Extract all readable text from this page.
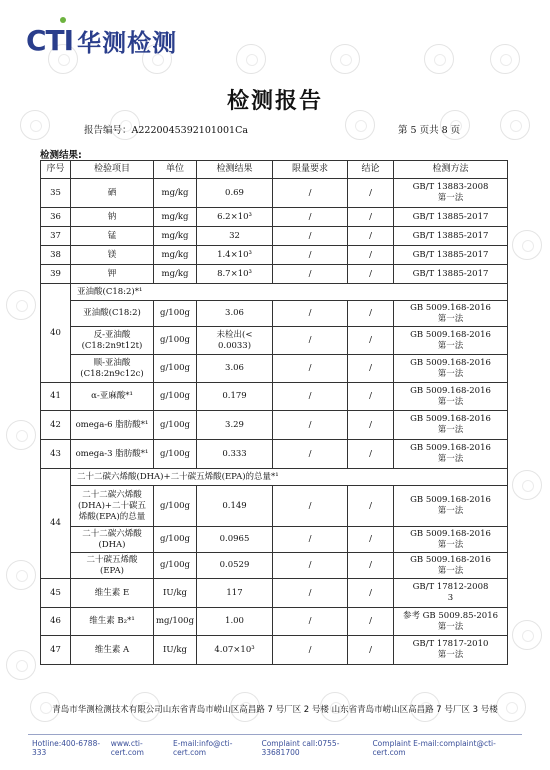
CTI 华测检测
检测报告
报告编号：A2220045392101001Ca	第 5 页共 8 页
检测结果:
序号	检验项目	单位	检测结果	限量要求	结论	检测方法
35	硒	mg/kg	0.69	/	/	GB/T 13883-2008
第一法
36	钠	mg/kg	6.2×10³	/	/	GB/T 13885-2017
37	锰	mg/kg	32	/	/	GB/T 13885-2017
38	镁	mg/kg	1.4×10³	/	/	GB/T 13885-2017
39	钾	mg/kg	8.7×10³	/	/	GB/T 13885-2017
40	亚油酸(C18:2)*¹					
	亚油酸(C18:2)	g/100g	3.06	/	/	GB 5009.168-2016
第一法
	反-亚油酸
(C18:2n9t12t)	g/100g	未检出(<
0.0033)	/	/	GB 5009.168-2016
第一法
	顺-亚油酸
(C18:2n9c12c)	g/100g	3.06	/	/	GB 5009.168-2016
第一法
41	α-亚麻酸*¹	g/100g	0.179	/	/	GB 5009.168-2016
第一法
42	omega-6 脂肪酸*¹	g/100g	3.29	/	/	GB 5009.168-2016
第一法
43	omega-3 脂肪酸*¹	g/100g	0.333	/	/	GB 5009.168-2016
第一法
44	二十二碳六烯酸(DHA)+二十碳五烯酸(EPA)的总量*¹					
	二十二碳六烯酸
(DHA)+二十碳五
烯酸(EPA)的总量	g/100g	0.149	/	/	GB 5009.168-2016
第一法
	二十二碳六烯酸
(DHA)	g/100g	0.0965	/	/	GB 5009.168-2016
第一法
	二十碳五烯酸
(EPA)	g/100g	0.0529	/	/	GB 5009.168-2016
第一法
45	维生素 E	IU/kg	117	/	/	GB/T 17812-2008
3
46	维生素 B₂*¹	mg/100g	1.00	/	/	参考 GB 5009.85-2016
第一法
47	维生素 A	IU/kg	4.07×10³	/	/	GB/T 17817-2010
第一法
青岛市华测检测技术有限公司山东省青岛市崂山区高昌路 7 号厂区 2 号楼 山东省青岛市崂山区高昌路 7 号厂区 3 号楼
Hotline:400-6788-333
www.cti-cert.com
E-mail:info@cti-cert.com
Complaint call:0755-33681700
Complaint E-mail:complaint@cti-cert.com
